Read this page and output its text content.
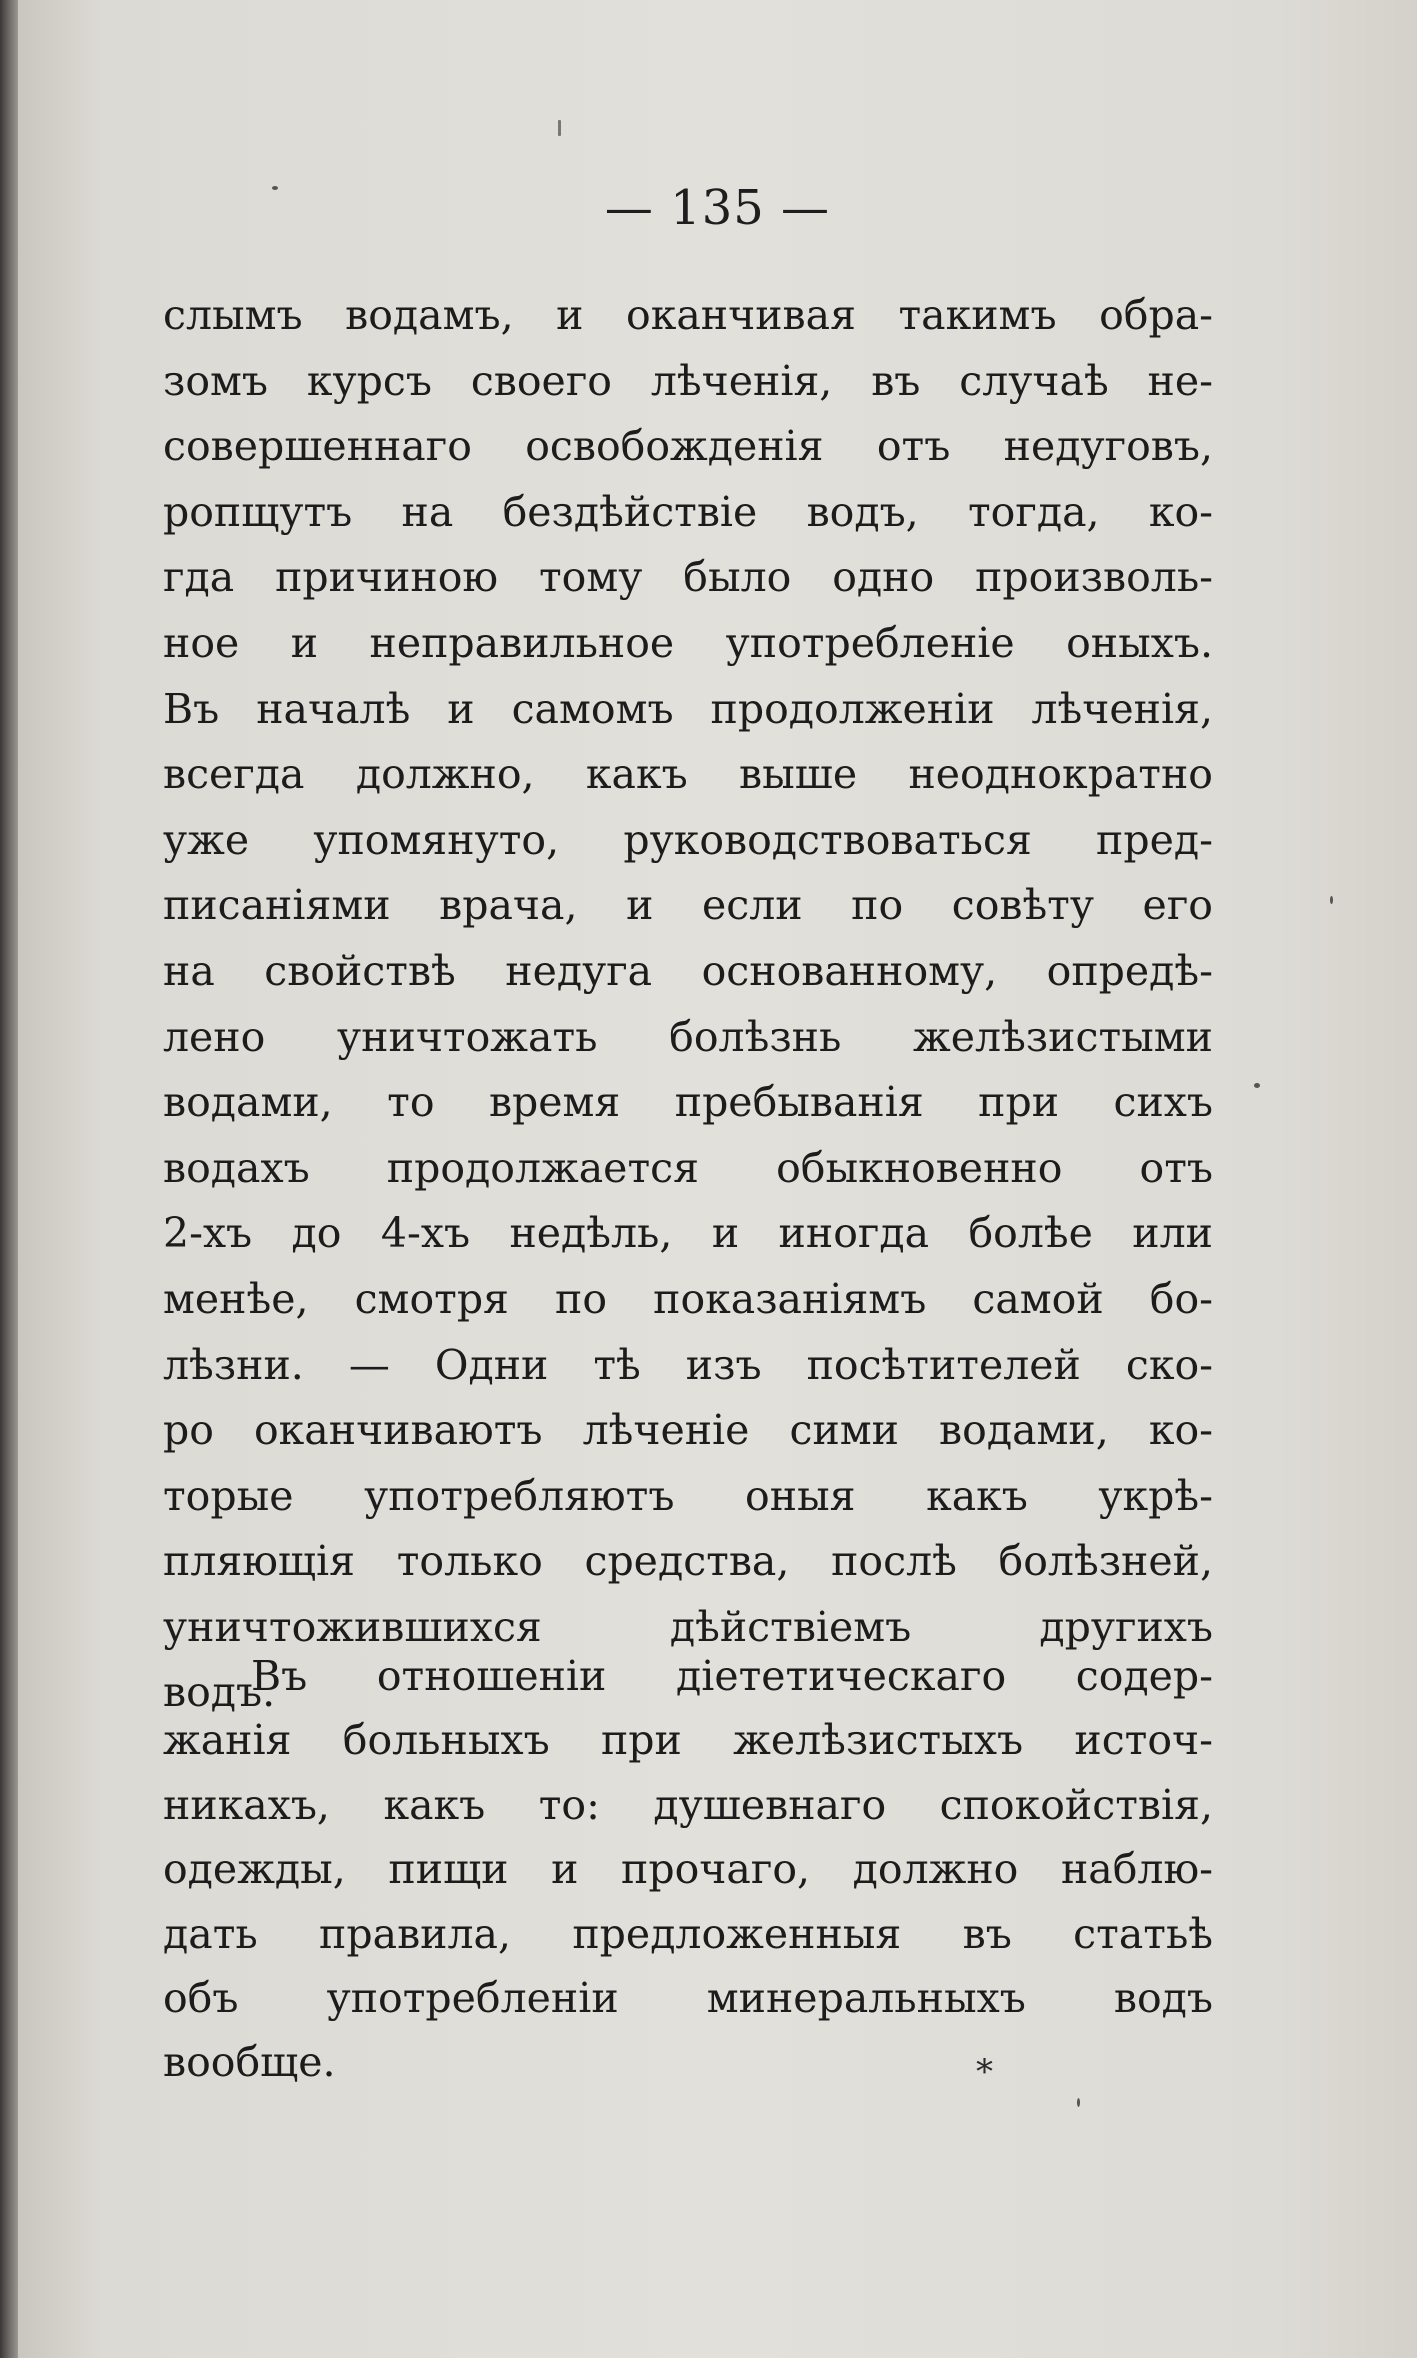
— 135 —
слымъ водамъ, и оканчивая такимъ обра-
зомъ курсъ своего лѣченія, въ случаѣ не-
совершеннаго освобожденія отъ недуговъ,
ропщутъ на бездѣйствіе водъ, тогда, ко-
гда причиною тому было одно произволь-
ное и неправильное употребленіе оныхъ.
Въ началѣ и самомъ продолженіи лѣченія,
всегда должно, какъ выше неоднократно
уже упомянуто, руководствоваться пред-
писаніями врача, и если по совѣту его
на свойствѣ недуга основанному, опредѣ-
лено уничтожать болѣзнь желѣзистыми
водами, то время пребыванія при сихъ
водахъ продолжается обыкновенно отъ
2-хъ до 4-хъ недѣль, и иногда болѣе или
менѣе, смотря по показаніямъ самой бо-
лѣзни. — Одни тѣ изъ посѣтителей ско-
ро оканчиваютъ лѣченіе сими водами, ко-
торые употребляютъ оныя какъ укрѣ-
пляющія только средства, послѣ болѣзней,
уничтожившихся дѣйствіемъ другихъ
водъ.
Въ отношеніи діететическаго содер-
жанія больныхъ при желѣзистыхъ источ-
никахъ, какъ то: душевнаго спокойствія,
одежды, пищи и прочаго, должно наблю-
дать правила, предложенныя въ статьѣ
объ употребленіи минеральныхъ водъ
вообще.	*
